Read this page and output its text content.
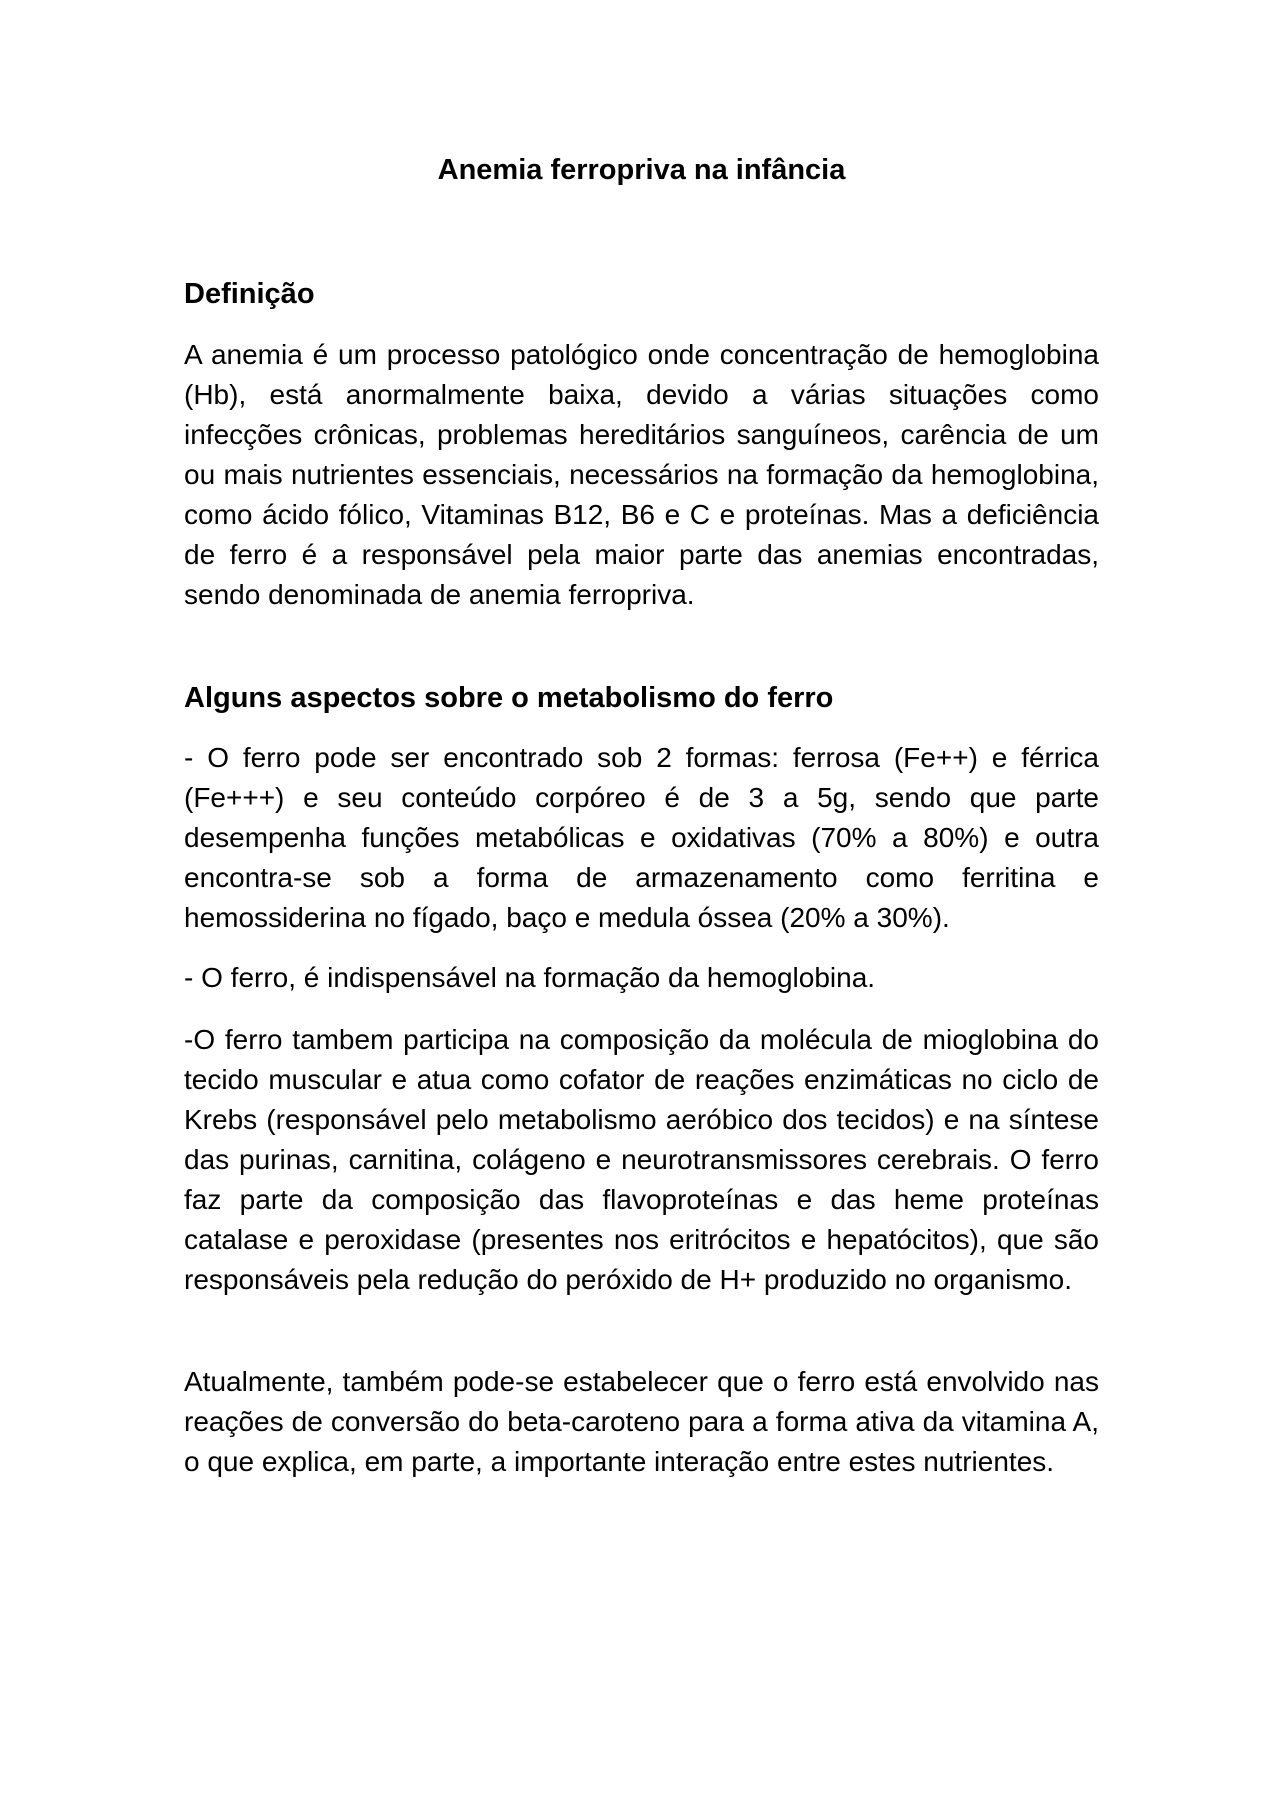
Anemia ferropriva na infância
Definição

A anemia é um processo patológico onde concentração de hemoglobina (Hb), está anormalmente baixa, devido a várias situações como infecções crônicas, problemas hereditários sanguíneos, carência de um ou mais nutrientes essenciais, necessários na formação da hemoglobina, como ácido fólico, Vitaminas B12, B6 e C e proteínas. Mas a deficiência de ferro é a responsável pela maior parte das anemias encontradas, sendo denominada de anemia ferropriva.

Alguns aspectos sobre o metabolismo do ferro

- O ferro pode ser encontrado sob 2 formas: ferrosa (Fe++) e férrica (Fe+++) e seu conteúdo corpóreo é de 3 a 5g, sendo que parte desempenha funções metabólicas e oxidativas (70% a 80%) e outra encontra-se sob a forma de armazenamento como ferritina e hemossiderina no fígado, baço e medula óssea (20% a 30%).

- O ferro, é indispensável na formação da hemoglobina.

-O ferro tambem participa na composição da molécula de mioglobina do tecido muscular e atua como cofator de reações enzimáticas no ciclo de Krebs (responsável pelo metabolismo aeróbico dos tecidos) e na síntese das purinas, carnitina, colágeno e neurotransmissores cerebrais. O ferro faz parte da composição das flavoproteínas e das heme proteínas catalase e peroxidase (presentes nos eritrócitos e hepatócitos), que são responsáveis pela redução do peróxido de H+ produzido no organismo.

Atualmente, também pode-se estabelecer que o ferro está envolvido nas reações de conversão do beta-caroteno para a forma ativa da vitamina A, o que explica, em parte, a importante interação entre estes nutrientes.
